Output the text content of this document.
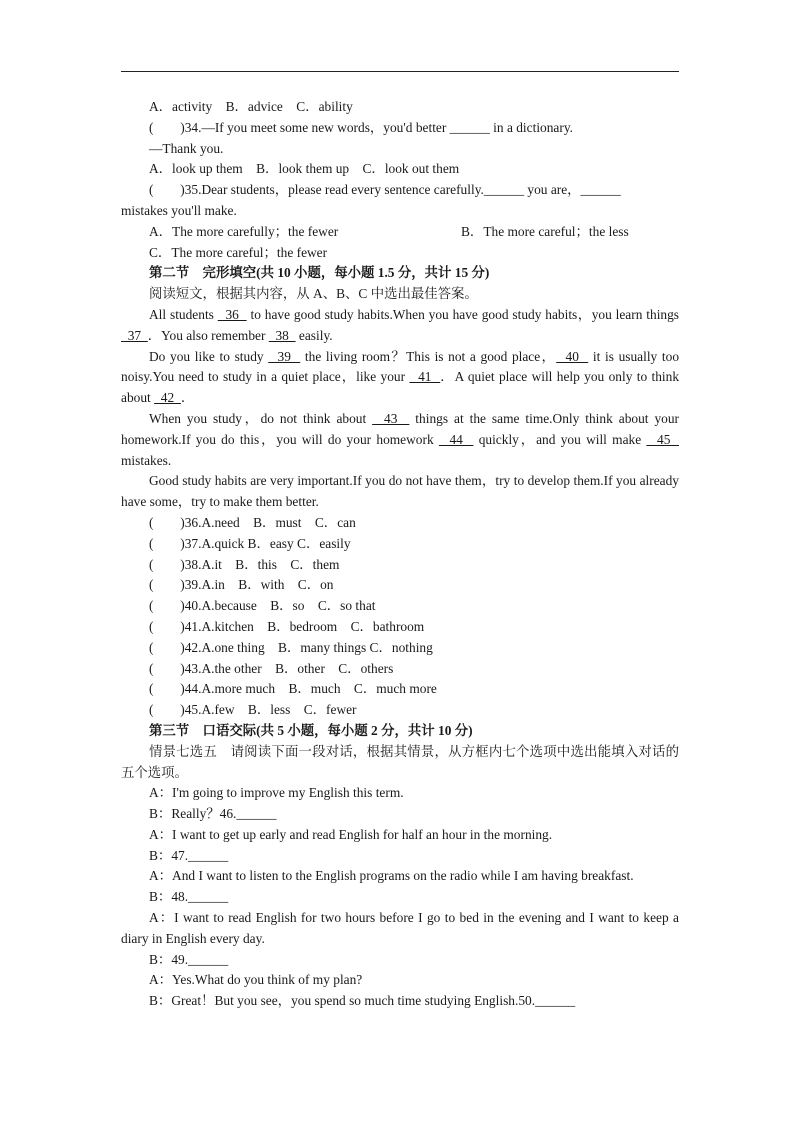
A．activity　B．advice　C．ability
(　　)34.—If you meet some new words，you'd better ______ in a dictionary.
—Thank you.
A．look up them　B．look them up　C．look out them
(　　)35.Dear students，please read every sentence carefully.______ you are，______
mistakes you'll make.
A．The more carefully；the fewer	B．The more careful；the less
C．The more careful；the fewer
第二节　完形填空(共 10 小题，每小题 1.5 分，共计 15 分)
阅读短文，根据其内容，从 A、B、C 中选出最佳答案。
All students   36   to have good study habits.When you have good study habits，you learn things   37  ．You also remember   38   easily.
Do you like to study   39   the living room？This is not a good place，  40   it is usually too noisy.You need to study in a quiet place，like your   41  ．A quiet place will help you only to think about   42  ．
When you study，do not think about   43   things at the same time.Only think about your homework.If you do this，you will do your homework   44   quickly，and you will make   45   mistakes.
Good study habits are very important.If you do not have them，try to develop them.If you already have some，try to make them better.
(　　)36.A.need　B．must　C．can
(　　)37.A.quick B．easy C．easily
(　　)38.A.it　B．this　C．them
(　　)39.A.in　B．with　C．on
(　　)40.A.because　B．so　C．so that
(　　)41.A.kitchen　B．bedroom　C．bathroom
(　　)42.A.one thing　B．many things C．nothing
(　　)43.A.the other　B．other　C．others
(　　)44.A.more much　B．much　C．much more
(　　)45.A.few　B．less　C．fewer
第三节　口语交际(共 5 小题，每小题 2 分，共计 10 分)
情景七选五　请阅读下面一段对话，根据其情景，从方框内七个选项中选出能填入对话的五个选项。
A：I'm going to improve my English this term.
B：Really？46.______
A：I want to get up early and read English for half an hour in the morning.
B：47.______
A：And I want to listen to the English programs on the radio while I am having breakfast.
B：48.______
A：I want to read English for two hours before I go to bed in the evening and I want to keep a diary in English every day.
B：49.______
A：Yes.What do you think of my plan?
B：Great！But you see，you spend so much time studying English.50.______
